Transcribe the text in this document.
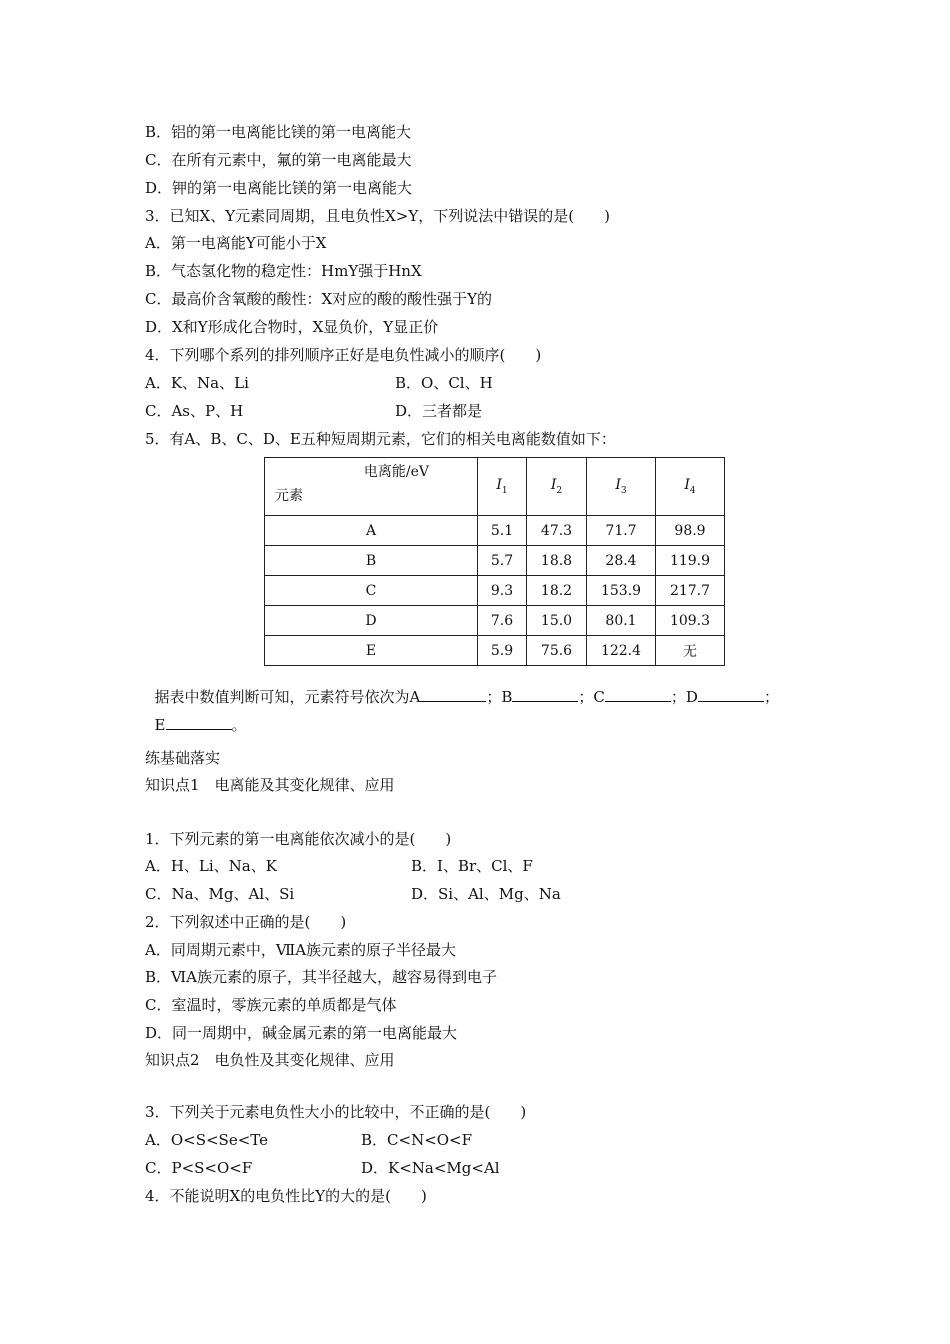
B．铝的第一电离能比镁的第一电离能大
C．在所有元素中，氟的第一电离能最大
D．钾的第一电离能比镁的第一电离能大
3．已知X、Y元素同周期，且电负性X>Y，下列说法中错误的是(　　)
A．第一电离能Y可能小于X
B．气态氢化物的稳定性：HmY强于HnX
C．最高价含氧酸的酸性：X对应的酸的酸性强于Y的
D．X和Y形成化合物时，X显负价，Y显正价
4．下列哪个系列的排列顺序正好是电负性减小的顺序(　　)
A．K、Na、Li	B．O、Cl、H
C．As、P、H	D．三者都是
5．有A、B、C、D、E五种短周期元素，它们的相关电离能数值如下：
电离能/eV
元素	$I_1$	$I_2$	$I_3$	$I_4$
A	5.1	47.3	71.7	98.9
B	5.7	18.8	28.4	119.9
C	9.3	18.2	153.9	217.7
D	7.6	15.0	80.1	109.3
E	5.9	75.6	122.4	无

据表中数值判断可知，元素符号依次为A	；B	；C	；D	；

E	。

练基础落实
知识点1　电离能及其变化规律、应用
1．下列元素的第一电离能依次减小的是(　　)
A．H、Li、Na、K	B．I、Br、Cl、F
C．Na、Mg、Al、Si	D．Si、Al、Mg、Na
2．下列叙述中正确的是(　　)
A．同周期元素中，ⅦA族元素的原子半径最大
B．ⅥA族元素的原子，其半径越大，越容易得到电子
C．室温时，零族元素的单质都是气体
D．同一周期中，碱金属元素的第一电离能最大
知识点2　电负性及其变化规律、应用
3．下列关于元素电负性大小的比较中，不正确的是(　　)
A．O<S<Se<Te	B．C<N<O<F
C．P<S<O<F	D．K<Na<Mg<Al
4．不能说明X的电负性比Y的大的是(　　)
